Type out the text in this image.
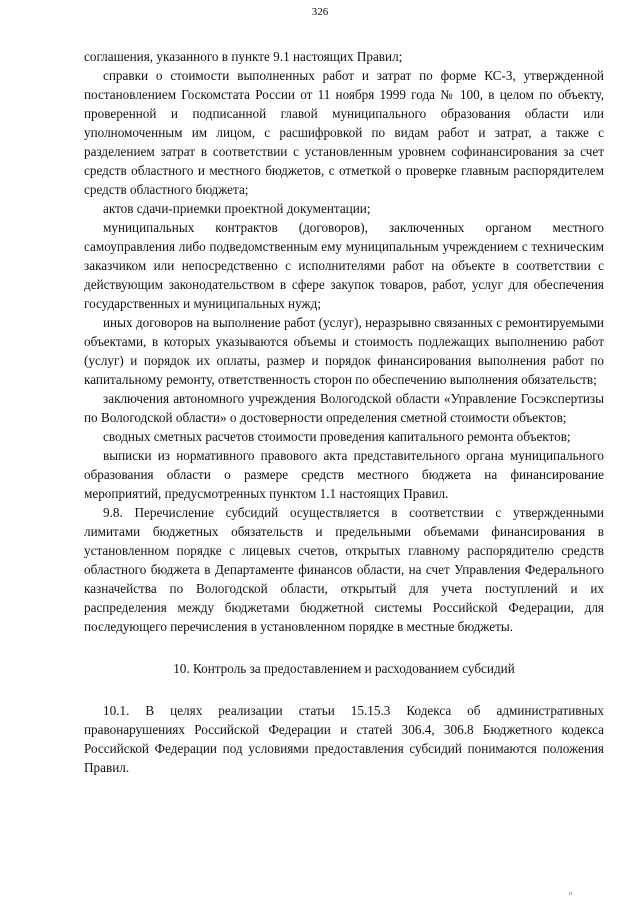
326

соглашения, указанного в пункте 9.1 настоящих Правил;

справки о стоимости выполненных работ и затрат по форме КС-3, утвержденной постановлением Госкомстата России от 11 ноября 1999 года № 100, в целом по объекту, проверенной и подписанной главой муниципального образования области или уполномоченным им лицом, с расшифровкой по видам работ и затрат, а также с разделением затрат в соответствии с установленным уровнем софинансирования за счет средств областного и местного бюджетов, с отметкой о проверке главным распорядителем средств областного бюджета;

актов сдачи-приемки проектной документации;

муниципальных контрактов (договоров), заключенных органом местного самоуправления либо подведомственным ему муниципальным учреждением с техническим заказчиком или непосредственно с исполнителями работ на объекте в соответствии с действующим законодательством в сфере закупок товаров, работ, услуг для обеспечения государственных и муниципальных нужд;

иных договоров на выполнение работ (услуг), неразрывно связанных с ремонтируемыми объектами, в которых указываются объемы и стоимость подлежащих выполнению работ (услуг) и порядок их оплаты, размер и порядок финансирования выполнения работ по капитальному ремонту, ответственность сторон по обеспечению выполнения обязательств;

заключения автономного учреждения Вологодской области «Управление Госэкспертизы по Вологодской области» о достоверности определения сметной стоимости объектов;

сводных сметных расчетов стоимости проведения капитального ремонта объектов;

выписки из нормативного правового акта представительного органа муниципального образования области о размере средств местного бюджета на финансирование мероприятий, предусмотренных пунктом 1.1 настоящих Правил.

9.8. Перечисление субсидий осуществляется в соответствии с утвержденными лимитами бюджетных обязательств и предельными объемами финансирования в установленном порядке с лицевых счетов, открытых главному распорядителю средств областного бюджета в Департаменте финансов области, на счет Управления Федерального казначейства по Вологодской области, открытый для учета поступлений и их распределения между бюджетами бюджетной системы Российской Федерации, для последующего перечисления в установленном порядке в местные бюджеты.

10. Контроль за предоставлением и расходованием субсидий

10.1. В целях реализации статьи 15.15.3 Кодекса об административных правонарушениях Российской Федерации и статей 306.4, 306.8 Бюджетного кодекса Российской Федерации под условиями предоставления субсидий понимаются положения Правил.

n
